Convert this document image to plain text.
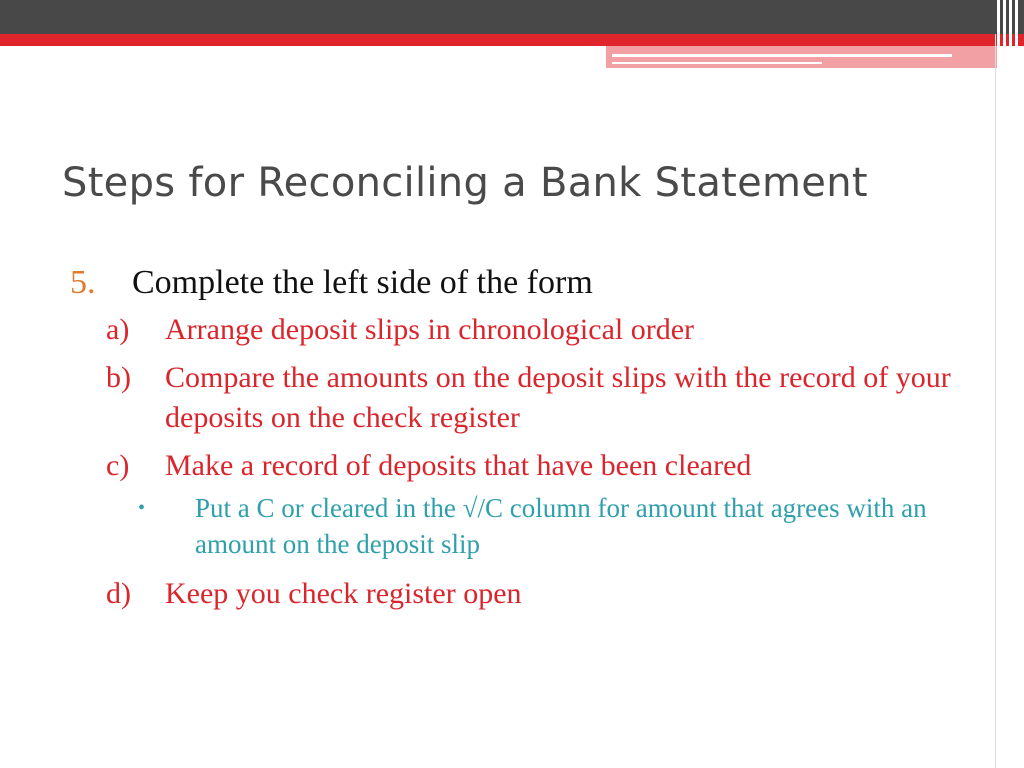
Steps for Reconciling a Bank Statement
5. Complete the left side of the form
a) Arrange deposit slips in chronological order
b) Compare the amounts on the deposit slips with the record of your deposits on the check register
c) Make a record of deposits that have been cleared
• Put a C or cleared in the √/C column for amount that agrees with an amount on the deposit slip
d) Keep you check register open
